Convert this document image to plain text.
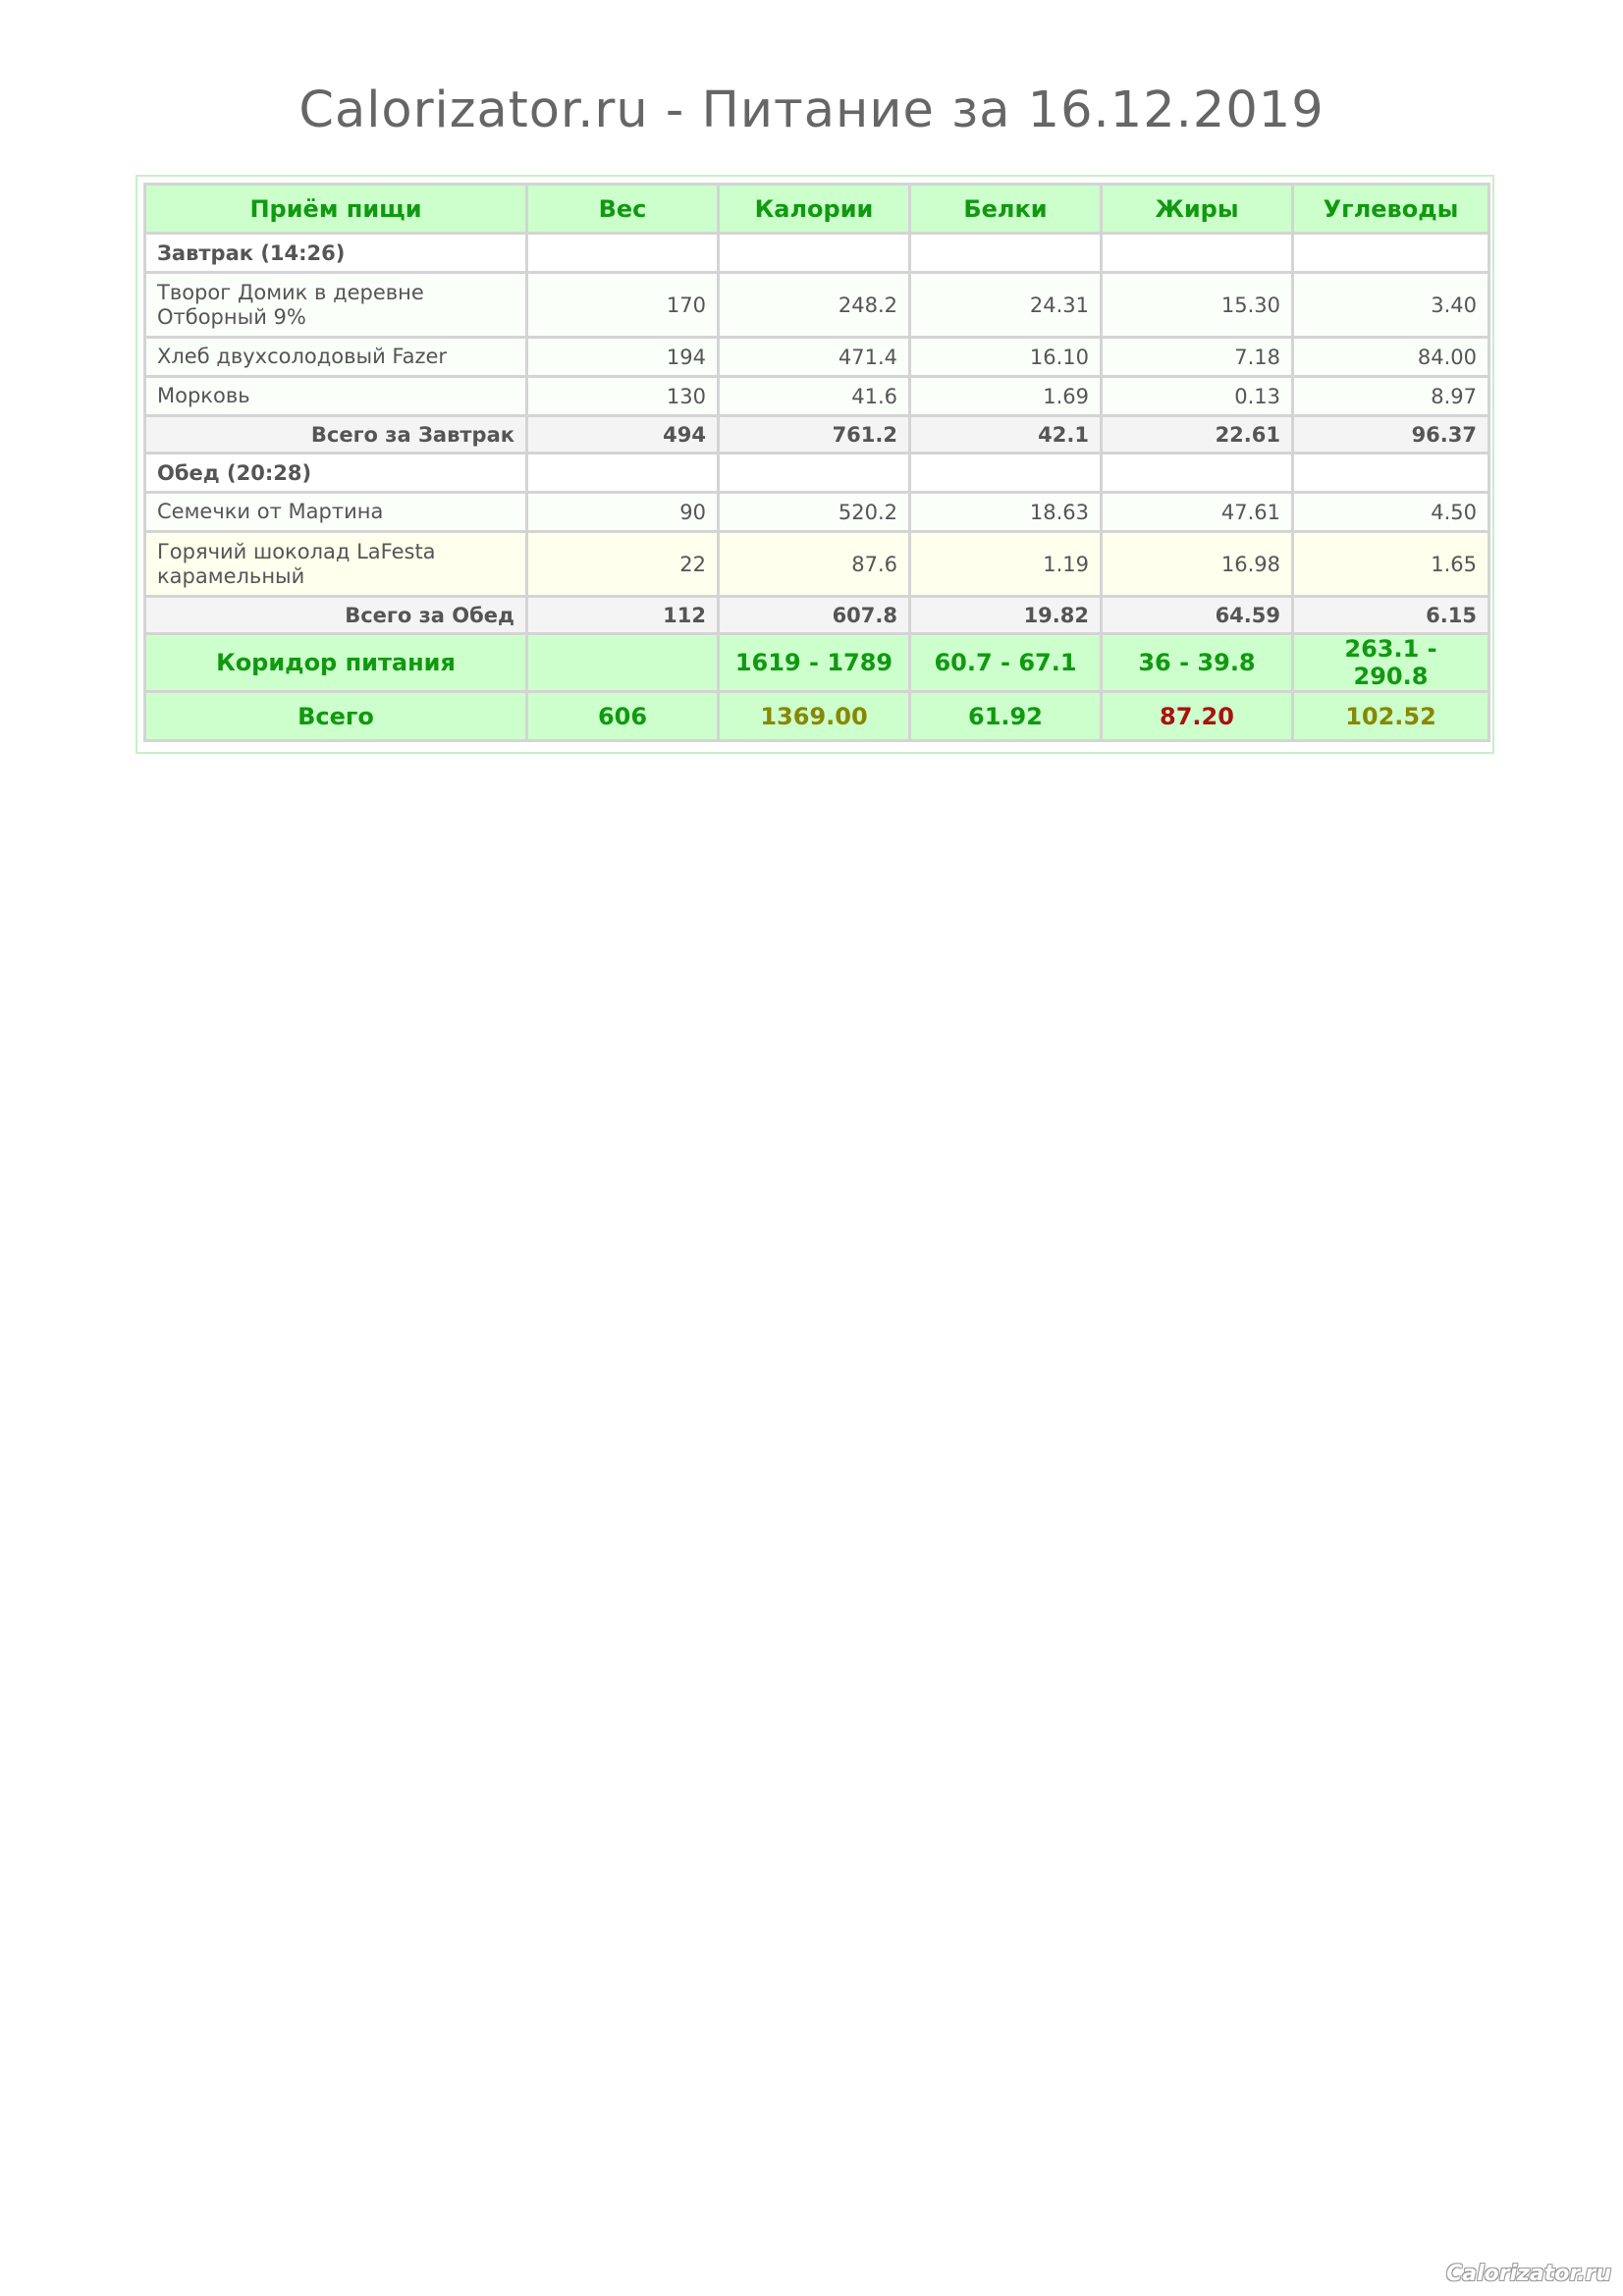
Calorizator.ru - Питание за 16.12.2019
Приём пищи	Вес	Калории	Белки	Жиры	Углеводы
Завтрак (14:26)					
Творог Домик в деревне Отборный 9%	170	248.2	24.31	15.30	3.40
Хлеб двухсолодовый Fazer	194	471.4	16.10	7.18	84.00
Морковь	130	41.6	1.69	0.13	8.97
Всего за Завтрак	494	761.2	42.1	22.61	96.37
Обед (20:28)					
Семечки от Мартина	90	520.2	18.63	47.61	4.50
Горячий шоколад LaFesta карамельный	22	87.6	1.19	16.98	1.65
Всего за Обед	112	607.8	19.82	64.59	6.15
Коридор питания		1619 - 1789	60.7 - 67.1	36 - 39.8	263.1 - 290.8
Всего	606	1369.00	61.92	87.20	102.52
Calorizator.ru
